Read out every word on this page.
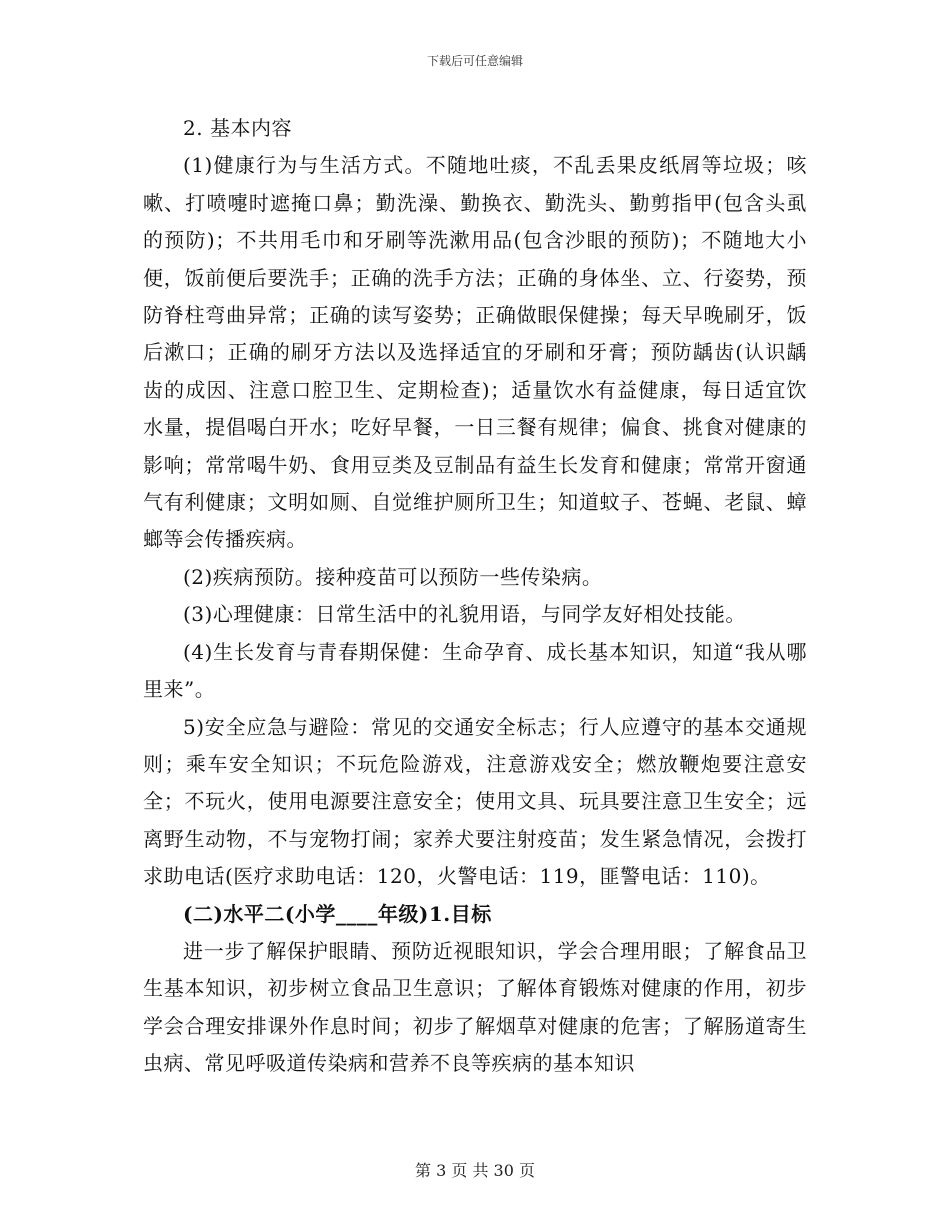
下载后可任意编辑

2. 基本内容

(1)健康行为与生活方式。不随地吐痰，不乱丢果皮纸屑等垃圾；咳嗽、打喷嚏时遮掩口鼻；勤洗澡、勤换衣、勤洗头、勤剪指甲(包含头虱的预防)；不共用毛巾和牙刷等洗漱用品(包含沙眼的预防)；不随地大小便，饭前便后要洗手；正确的洗手方法；正确的身体坐、立、行姿势，预防脊柱弯曲异常；正确的读写姿势；正确做眼保健操；每天早晚刷牙，饭后漱口；正确的刷牙方法以及选择适宜的牙刷和牙膏；预防龋齿(认识龋齿的成因、注意口腔卫生、定期检查)；适量饮水有益健康，每日适宜饮水量，提倡喝白开水；吃好早餐，一日三餐有规律；偏食、挑食对健康的影响；常常喝牛奶、食用豆类及豆制品有益生长发育和健康；常常开窗通气有利健康；文明如厕、自觉维护厕所卫生；知道蚊子、苍蝇、老鼠、蟑螂等会传播疾病。

(2)疾病预防。接种疫苗可以预防一些传染病。

(3)心理健康：日常生活中的礼貌用语，与同学友好相处技能。

(4)生长发育与青春期保健：生命孕育、成长基本知识，知道“我从哪里来”。

5)安全应急与避险：常见的交通安全标志；行人应遵守的基本交通规则；乘车安全知识；不玩危险游戏，注意游戏安全；燃放鞭炮要注意安全；不玩火，使用电源要注意安全；使用文具、玩具要注意卫生安全；远离野生动物，不与宠物打闹；家养犬要注射疫苗；发生紧急情况，会拨打求助电话(医疗求助电话：120，火警电话：119，匪警电话：110)。

(二)水平二(小学____年级)1.目标

进一步了解保护眼睛、预防近视眼知识，学会合理用眼；了解食品卫生基本知识，初步树立食品卫生意识；了解体育锻炼对健康的作用，初步学会合理安排课外作息时间；初步了解烟草对健康的危害；了解肠道寄生虫病、常见呼吸道传染病和营养不良等疾病的基本知识

第 3 页 共 30 页
